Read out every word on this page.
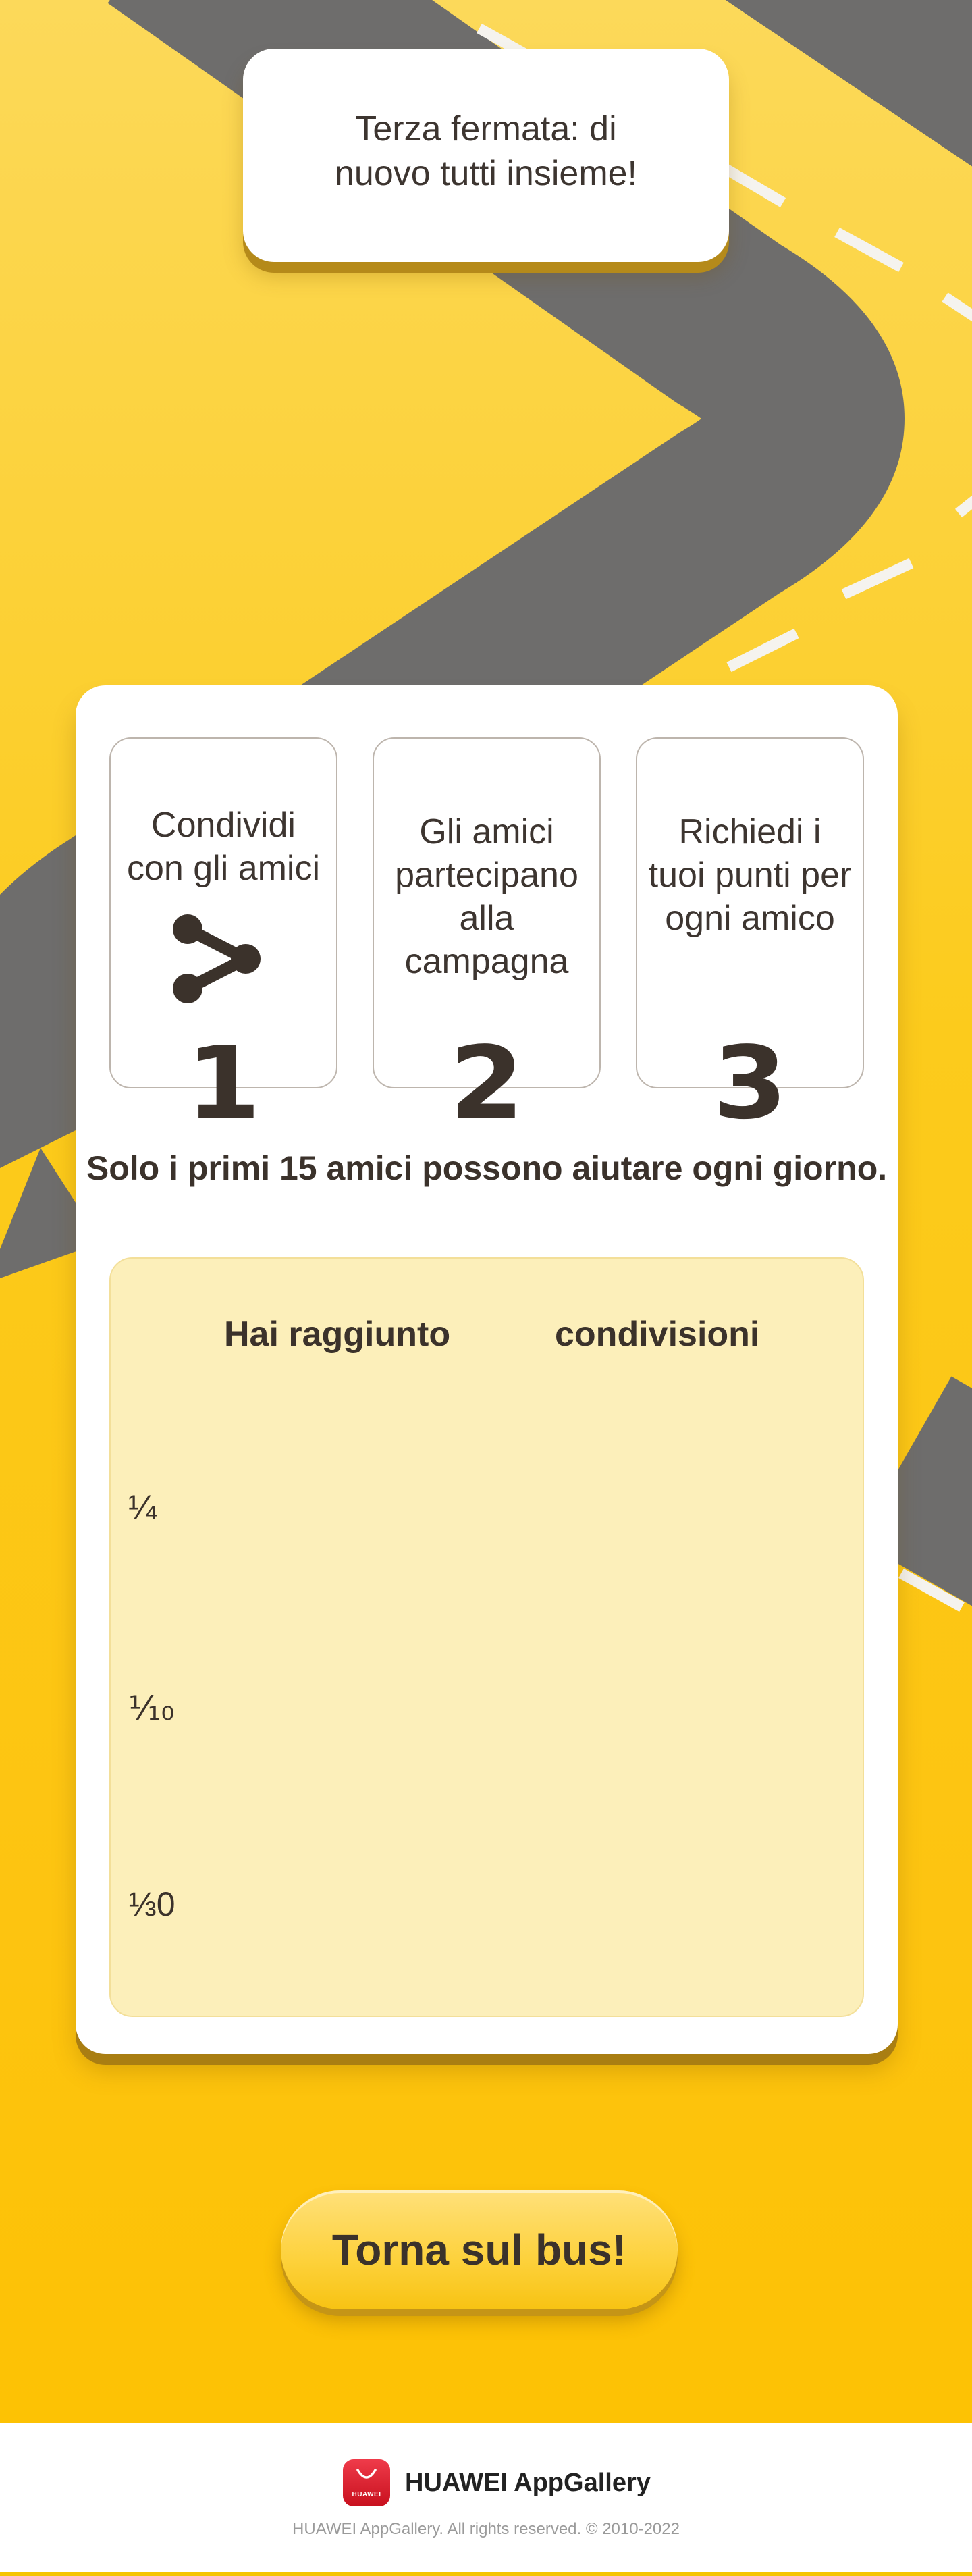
Terza fermata: di nuovo tutti insieme!
Condividi con gli amici
1
Gli amici partecipano alla campagna
2
Richiedi i tuoi punti per ogni amico
3
Solo i primi 15 amici possono aiutare ogni giorno.
Hai raggiunto	condivisioni
¼
⅒
⅓0
Torna sul bus!
HUAWEI HUAWEI AppGallery
HUAWEI AppGallery. All rights reserved. © 2010-2022
